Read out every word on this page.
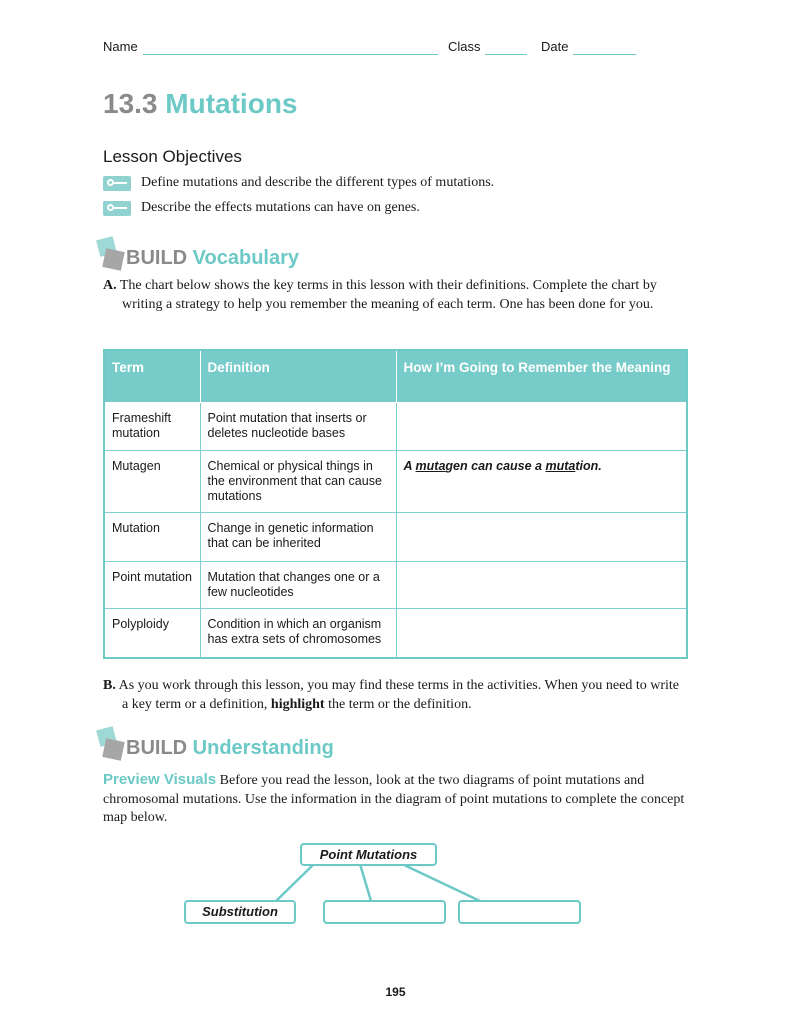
Name	Class	Date
13.3 Mutations
Lesson Objectives
Define mutations and describe the different types of mutations.
Describe the effects mutations can have on genes.
BUILD
Vocabulary
A. The chart below shows the key terms in this lesson with their definitions. Complete the chart by writing a strategy to help you remember the meaning of each term. One has been done for you.
Term	Definition	How I’m Going to Remember the Meaning
Frameshift mutation	Point mutation that inserts or deletes nucleotide bases	
Mutagen	Chemical or physical things in the environment that can cause mutations	A mutagen can cause a mutation.
Mutation	Change in genetic information that can be inherited	
Point mutation	Mutation that changes one or a few nucleotides	
Polyploidy	Condition in which an organism has extra sets of chromosomes	
B. As you work through this lesson, you may find these terms in the activities. When you need to write a key term or a definition, highlight the term or the definition.
BUILD
Understanding
Preview Visuals Before you read the lesson, look at the two diagrams of point mutations and chromosomal mutations. Use the information in the diagram of point mutations to complete the concept map below.
Point Mutations
Substitution
195
